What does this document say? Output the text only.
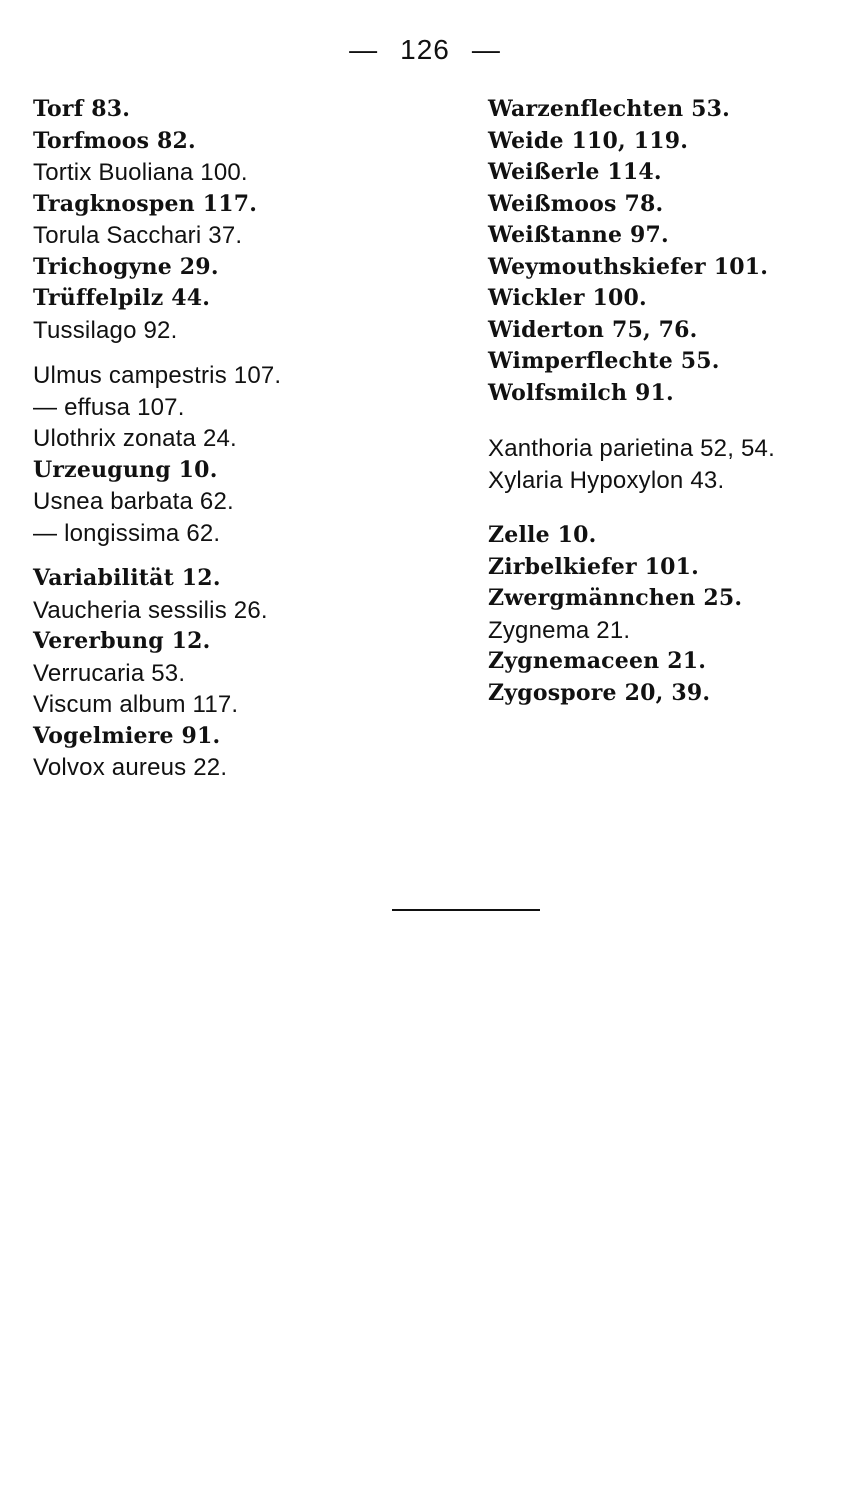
— 126 —
Torf 83.
Torfmoos 82.
Tortix Buoliana 100.
Tragknospen 117.
Torula Sacchari 37.
Trichogyne 29.
Trüffelpilz 44.
Tussilago 92.
Ulmus campestris 107.
— effusa 107.
Ulothrix zonata 24.
Urzeugung 10.
Usnea barbata 62.
— longissima 62.
Variabilität 12.
Vaucheria sessilis 26.
Vererbung 12.
Verrucaria 53.
Viscum album 117.
Vogelmiere 91.
Volvox aureus 22.
Warzenflechten 53.
Weide 110, 119.
Weißerle 114.
Weißmoos 78.
Weißtanne 97.
Weymouthskiefer 101.
Wickler 100.
Widerton 75, 76.
Wimperflechte 55.
Wolfsmilch 91.
Xanthoria parietina 52, 54.
Xylaria Hypoxylon 43.
Zelle 10.
Zirbelkiefer 101.
Zwergmännchen 25.
Zygnema 21.
Zygnemaceen 21.
Zygospore 20, 39.
